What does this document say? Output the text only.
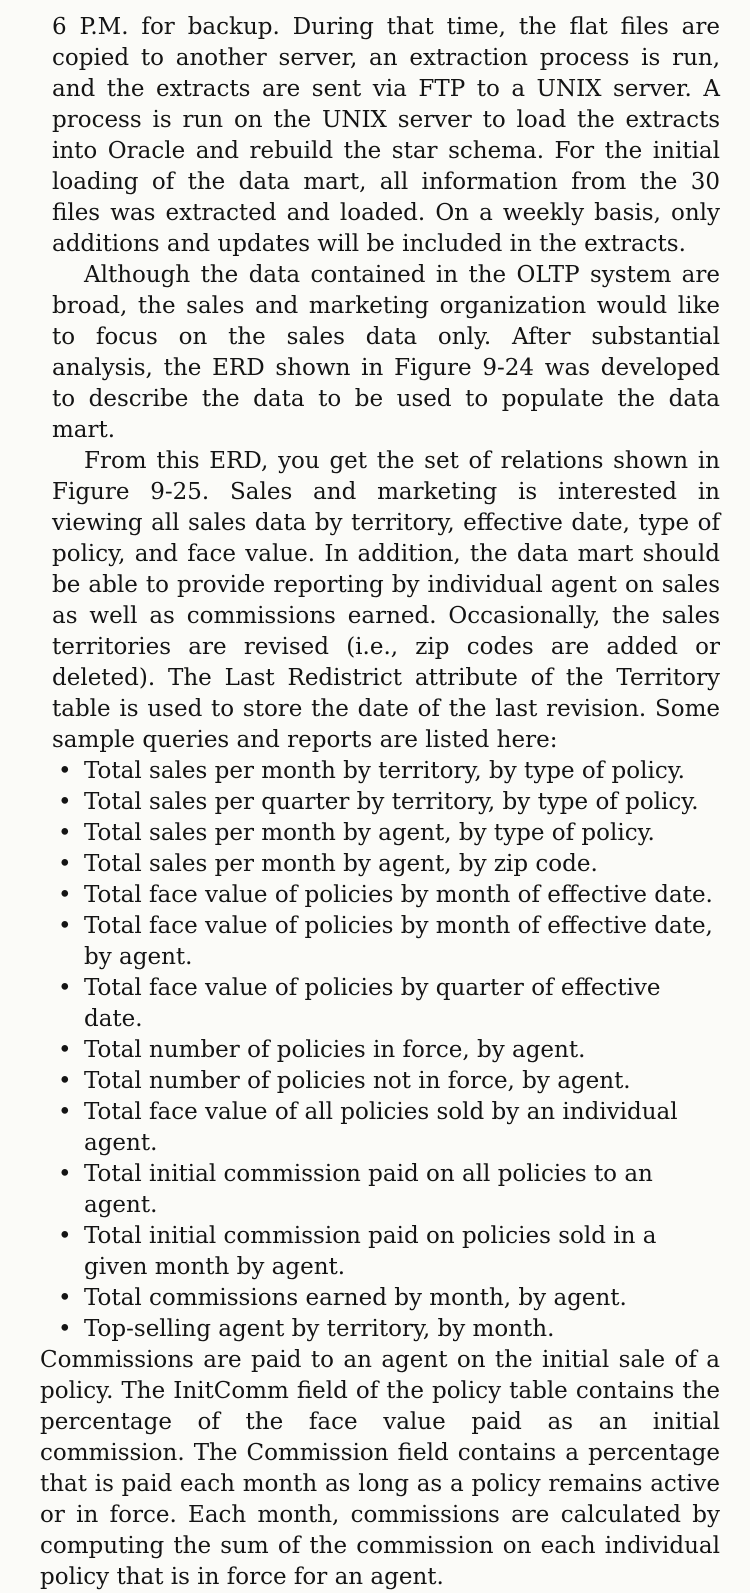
6 P.M. for backup. During that time, the flat files are copied to another server, an extraction process is run, and the extracts are sent via FTP to a UNIX server. A process is run on the UNIX server to load the extracts into Oracle and rebuild the star schema. For the initial loading of the data mart, all information from the 30 files was extracted and loaded. On a weekly basis, only additions and updates will be included in the extracts.

Although the data contained in the OLTP system are broad, the sales and marketing organization would like to focus on the sales data only. After substantial analysis, the ERD shown in Figure 9-24 was developed to describe the data to be used to populate the data mart.

From this ERD, you get the set of relations shown in Figure 9-25. Sales and marketing is interested in viewing all sales data by territory, effective date, type of policy, and face value. In addition, the data mart should be able to provide reporting by individual agent on sales as well as commissions earned. Occasionally, the sales territories are revised (i.e., zip codes are added or deleted). The Last Redistrict attribute of the Territory table is used to store the date of the last revision. Some sample queries and reports are listed here:

• Total sales per month by territory, by type of policy.
• Total sales per quarter by territory, by type of policy.
• Total sales per month by agent, by type of policy.
• Total sales per month by agent, by zip code.
• Total face value of policies by month of effective date.
• Total face value of policies by month of effective date, by agent.
• Total face value of policies by quarter of effective date.
• Total number of policies in force, by agent.
• Total number of policies not in force, by agent.
• Total face value of all policies sold by an individual agent.
• Total initial commission paid on all policies to an agent.
• Total initial commission paid on policies sold in a given month by agent.
• Total commissions earned by month, by agent.
• Top-selling agent by territory, by month.

Commissions are paid to an agent on the initial sale of a policy. The InitComm field of the policy table contains the percentage of the face value paid as an initial commission. The Commission field contains a percentage that is paid each month as long as a policy remains active or in force. Each month, commissions are calculated by computing the sum of the commission on each individual policy that is in force for an agent.
